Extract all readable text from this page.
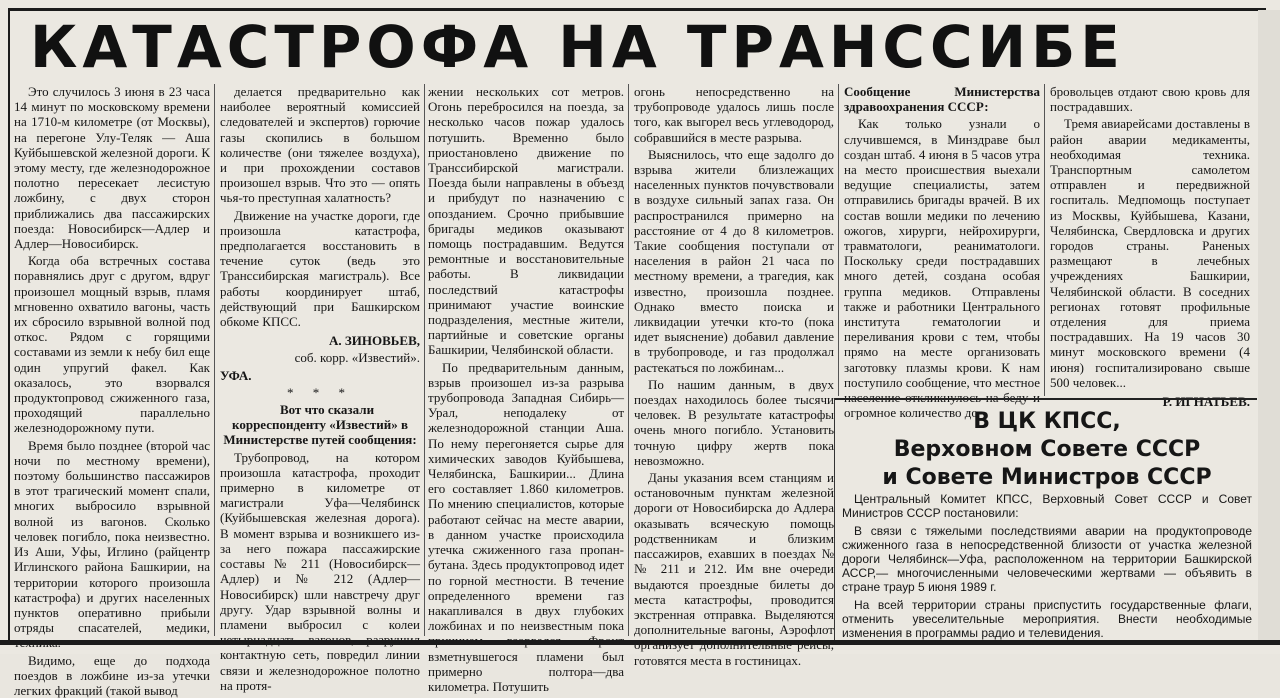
КАТАСТРОФА НА ТРАНССИБЕ

Это случилось 3 июня в 23 часа 14 минут по московскому времени на 1710-м километре (от Москвы), на перегоне Улу-Теляк — Аша Куйбышевской железной дороги. К этому месту, где железнодорожное полотно пересекает лесистую ложбину, с двух сторон приближались два пассажирских поезда: Новосибирск—Адлер и Адлер—Новосибирск.

Когда оба встречных состава поравнялись друг с другом, вдруг произошел мощный взрыв, пламя мгновенно охватило вагоны, часть их сбросило взрывной волной под откос. Рядом с горящими составами из земли к небу бил еще один упругий факел. Как оказалось, это взорвался продуктопровод сжиженного газа, проходящий параллельно железнодорожному пути.

Время было позднее (второй час ночи по местному времени), поэтому большинство пассажиров в этот трагический момент спали, многих выбросило взрывной волной из вагонов. Сколько человек погибло, пока неизвестно. Из Аши, Уфы, Иглино (райцентр Иглинского района Башкирии, на территории которого произошла катастрофа) и других населенных пунктов оперативно прибыли отряды спасателей, медики,

Видимо, еще до подхода поездов в ложбине из-за утечки легких фракций (такой вывод

делается предварительно как наиболее вероятный комиссией следователей и экспертов) горючие газы скопились в большом количестве (они тяжелее воздуха), и при прохождении составов произошел взрыв. Что это — опять чья-то преступная халатность?

Движение на участке дороги, где произошла катастрофа, предполагается восстановить в течение суток (ведь это Транссибирская магистраль). Все работы координирует штаб, действующий при Башкирском обкоме КПСС.

А. ЗИНОВЬЕВ,

соб. корр. «Известий».

УФА.

* * *

Вот что сказали корреспонденту «Известий» в Министерстве путей сообщения:

Трубопровод, на котором произошла катастрофа, проходит примерно в километре от магистрали Уфа—Челябинск (Куйбышевская железная дорога). В момент взрыва и возникшего из-за него пожара пассажирские составы № 211 (Новосибирск—Адлер) и № 212 (Адлер—Новосибирск) шли навстречу друг другу. Удар взрывной волны и пламени выбросил с колеи контактную сеть, повредил линии связи и железнодорожное полотно на протя-

жении нескольких сот метров. Огонь перебросился на поезда, за несколько часов пожар удалось потушить. Временно было приостановлено движение по Транссибирской магистрали. Поезда были направлены в объезд и прибудут по назначению с опозданием. Срочно прибывшие бригады медиков оказывают помощь пострадавшим. Ведутся ремонтные и восстановительные работы. В ликвидации последствий катастрофы принимают участие воинские подразделения, местные жители, партийные и советские органы Башкирии, Челябинской области.

По предварительным данным, взрыв произошел из-за разрыва трубопровода Западная Сибирь—Урал, неподалеку от железнодорожной станции Аша. По нему перегоняется сырье для химических заводов Куйбышева, Челябинска, Башкирии... Длина его составляет 1.860 километров. По мнению специалистов, которые работают сейчас на месте аварии, в данном участке происходила утечка сжиженного газа пропан-бутана. Здесь продуктопровод идет по горной местности. В течение определенного времени газ накапливался в двух глубоких ложбинах и по неизвестным пока взметнувшегося пламени был примерно полтора—два километра. Потушить

огонь непосредственно на трубопроводе удалось лишь после того, как выгорел весь углеводород, собравшийся в месте разрыва.

Выяснилось, что еще задолго до взрыва жители близлежащих населенных пунктов почувствовали в воздухе сильный запах газа. Он распространился примерно на расстояние от 4 до 8 километров. Такие сообщения поступали от населения в район 21 часа по местному времени, а трагедия, как известно, произошла позднее. Однако вместо поиска и ликвидации утечки кто-то (пока идет выяснение) добавил давление в трубопроводе, и газ продолжал растекаться по ложбинам...

По нашим данным, в двух поездах находилось более тысячи человек. В результате катастрофы очень много погибло. Установить точную цифру жертв пока невозможно.

Даны указания всем станциям и остановочным пунктам железной дороги от Новосибирска до Адлера оказывать всяческую помощь родственникам и близким пассажиров, ехавших в поездах №№ 211 и 212. Им вне очереди выдаются проездные билеты до места катастрофы, проводится экстренная отправка. Выделяются дополнительные вагоны, Аэрофлот готовятся места в гостиницах.

Сообщение Министерства здравоохранения СССР:

Как только узнали о случившемся, в Минздраве был создан штаб. 4 июня в 5 часов утра на место происшествия выехали ведущие специалисты, затем отправились бригады врачей. В их состав вошли медики по лечению ожогов, хирурги, нейрохирурги, травматологи, реаниматологи. Поскольку среди пострадавших много детей, создана особая группа медиков. Отправлены также и работники Центрального института гематологии и переливания крови с тем, чтобы прямо на месте организовать заготовку плазмы крови. К нам поступило сообщение, что местное население откликнулось на беду и огромное количество до-

бровольцев отдают свою кровь для пострадавших.

Тремя авиарейсами доставлены в район аварии медикаменты, необходимая техника. Транспортным самолетом отправлен и передвижной госпиталь. Медпомощь поступает из Москвы, Куйбышева, Казани, Челябинска, Свердловска и других городов страны. Раненых размещают в лечебных учреждениях Башкирии, Челябинской области. В соседних регионах готовят профильные отделения для приема пострадавших. На 19 часов 30 минут московского времени (4 июня) госпитализировано свыше 500 человек...

Р. ИГНАТЬЕВ.

В ЦК КПСС,
Верховном Совете СССР
и Совете Министров СССР

Центральный Комитет КПСС, Верховный Совет СССР и Совет Министров СССР постановили:

В связи с тяжелыми последствиями аварии на продуктопроводе сжиженного газа в непосредственной близости от участка железной дороги Челябинск—Уфа, расположенном на территории Башкирской АССР,— многочисленными человеческими жертвами — объявить в стране траур 5 июня 1989 г.

На всей территории страны приспустить государственные флаги, отменить увеселительные мероприятия. Внести необходимые изменения в программы радио и телевидения.
